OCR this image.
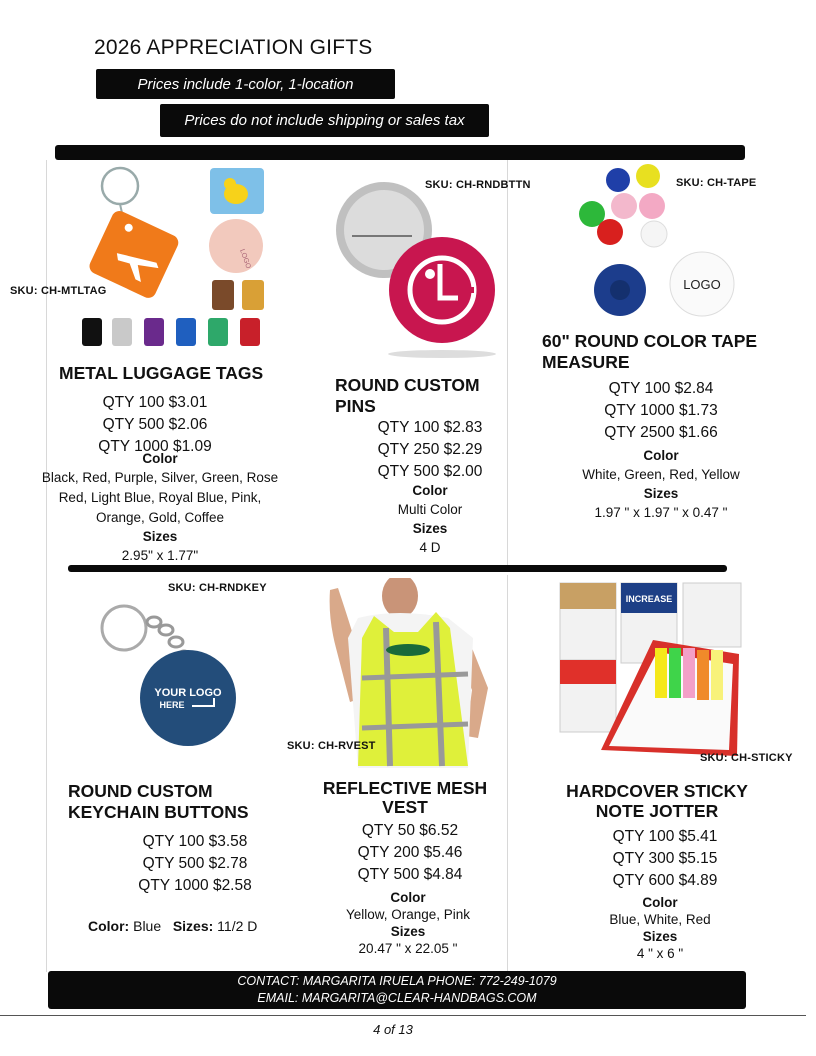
2026 APPRECIATION GIFTS
Prices include 1-color, 1-location
Prices do not include shipping or sales tax
LOGO
SKU: CH-MTLTAG
METAL LUGGAGE TAGS
QTY 100 $3.01
QTY 500 $2.06
QTY 1000 $1.09
Color
Black, Red, Purple, Silver, Green, Rose
Red, Light Blue, Royal Blue, Pink,
Orange, Gold, Coffee
Sizes
2.95" x 1.77"
SKU: CH-RNDBTTN
ROUND CUSTOM
PINS
QTY 100 $2.83
QTY 250 $2.29
QTY 500 $2.00
Color
Multi Color
Sizes
4 D
LOGO
SKU: CH-TAPE
60" ROUND COLOR TAPE
MEASURE
QTY 100 $2.84
QTY 1000 $1.73
QTY 2500 $1.66
Color
White, Green, Red, Yellow
Sizes
1.97 " x 1.97 " x 0.47 "
SKU: CH-RNDKEY
YOUR LOGO
HERE
ROUND CUSTOM
KEYCHAIN BUTTONS
QTY 100 $3.58
QTY 500 $2.78
QTY 1000 $2.58
Color: Blue Sizes: 11/2 D
SKU: CH-RVEST
REFLECTIVE MESH
VEST
QTY 50 $6.52
QTY 200 $5.46
QTY 500 $4.84
Color
Yellow, Orange, Pink
Sizes
20.47 " x 22.05 "
INCREASE
SKU: CH-STICKY
HARDCOVER STICKY
NOTE JOTTER
QTY 100 $5.41
QTY 300 $5.15
QTY 600 $4.89
Color
Blue, White, Red
Sizes
4 " x 6 "
CONTACT: MARGARITA IRUELA PHONE: 772-249-1079
EMAIL: MARGARITA@CLEAR-HANDBAGS.COM
4 of 13
